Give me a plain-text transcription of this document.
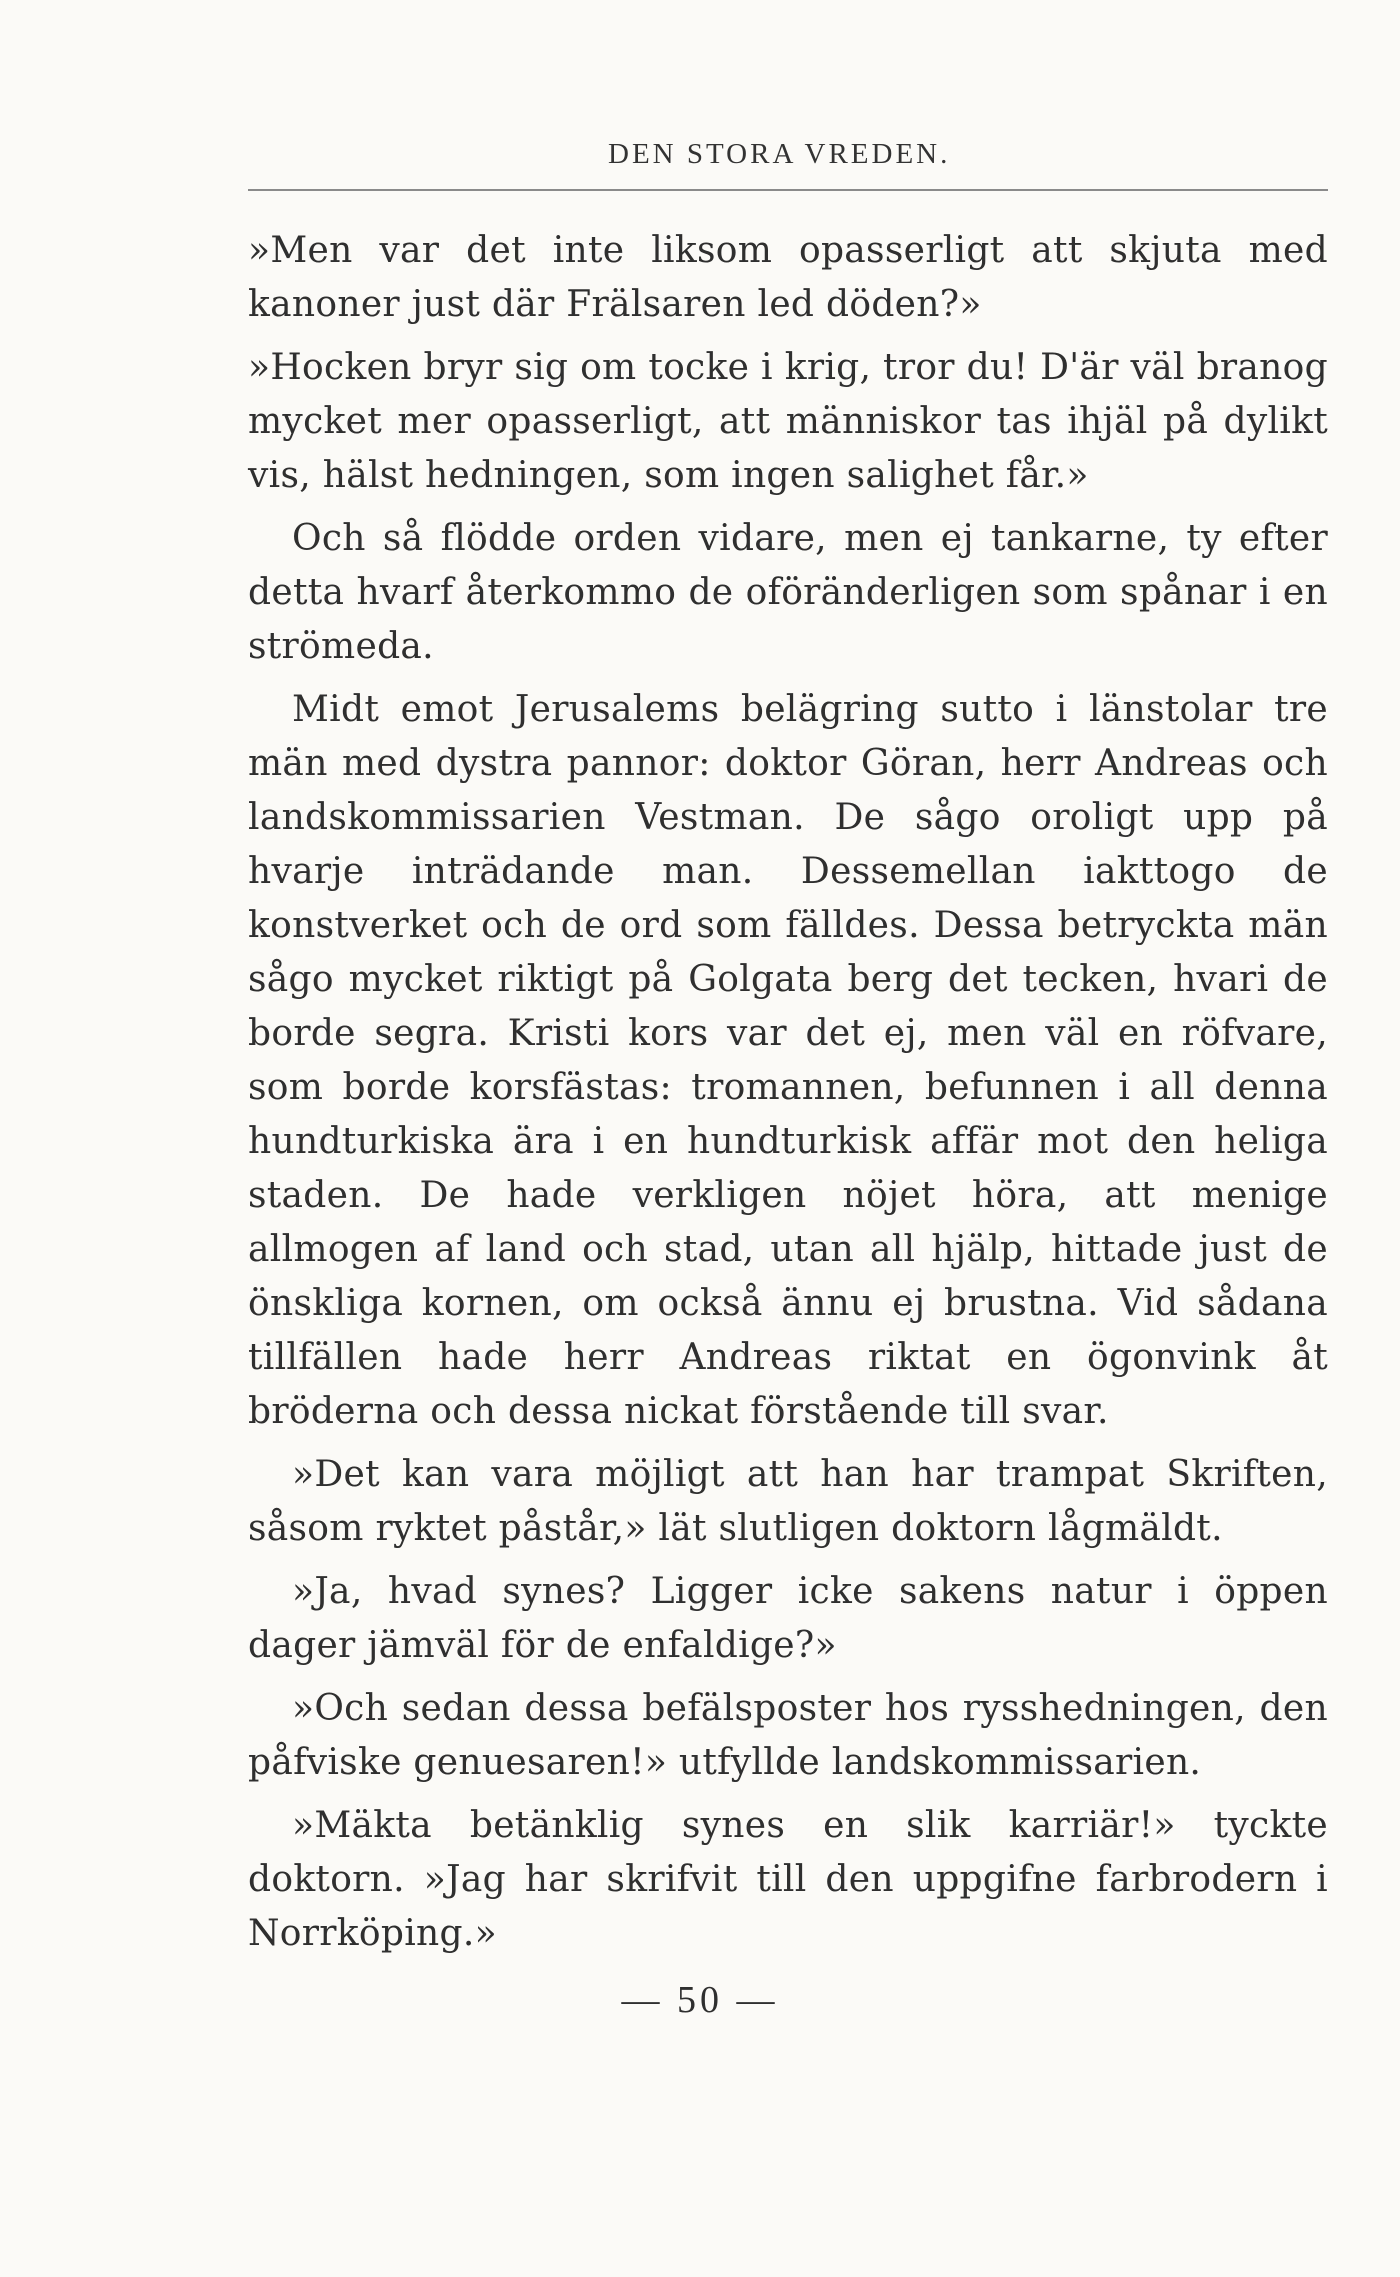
DEN STORA VREDEN.

»Men var det inte liksom opasserligt att skjuta med kanoner just där Frälsaren led döden?»

»Hocken bryr sig om tocke i krig, tror du! D'är väl branog mycket mer opasserligt, att människor tas ihjäl på dylikt vis, hälst hedningen, som ingen salighet får.»

Och så flödde orden vidare, men ej tankarne, ty efter detta hvarf återkommo de oföränderligen som spånar i en strömeda.

Midt emot Jerusalems belägring sutto i länstolar tre män med dystra pannor: doktor Göran, herr Andreas och landskommissarien Vestman. De sågo oroligt upp på hvarje inträdande man. Dessemellan iakttogo de konstverket och de ord som fälldes. Dessa betryckta män sågo mycket riktigt på Golgata berg det tecken, hvari de borde segra. Kristi kors var det ej, men väl en röfvare, som borde korsfästas: tromannen, befunnen i all denna hundturkiska ära i en hundturkisk affär mot den heliga staden. De hade verkligen nöjet höra, att menige allmogen af land och stad, utan all hjälp, hittade just de önskliga kornen, om också ännu ej brustna. Vid sådana tillfällen hade herr Andreas riktat en ögonvink åt bröderna och dessa nickat förstående till svar.

»Det kan vara möjligt att han har trampat Skriften, såsom ryktet påstår,» lät slutligen doktorn lågmäldt.

»Ja, hvad synes? Ligger icke sakens natur i öppen dager jämväl för de enfaldige?»

»Och sedan dessa befälsposter hos rysshedningen, den påfviske genuesaren!» utfyllde landskommissarien.

»Mäkta betänklig synes en slik karriär!» tyckte doktorn. »Jag har skrifvit till den uppgifne farbrodern i Norrköping.»

— 50 —
